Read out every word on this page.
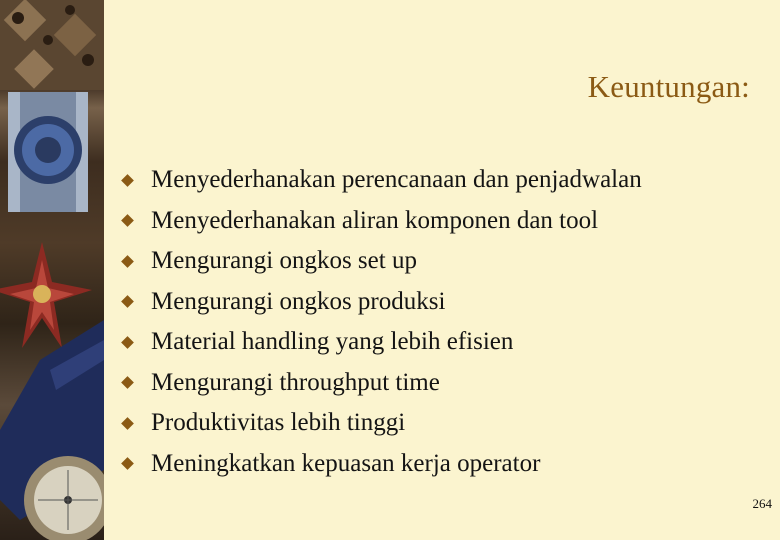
Keuntungan:
Menyederhanakan perencanaan dan penjadwalan
Menyederhanakan aliran komponen dan tool
Mengurangi ongkos set up
Mengurangi ongkos produksi
Material handling yang lebih efisien
Mengurangi throughput time
Produktivitas lebih tinggi
Meningkatkan kepuasan kerja operator
264
